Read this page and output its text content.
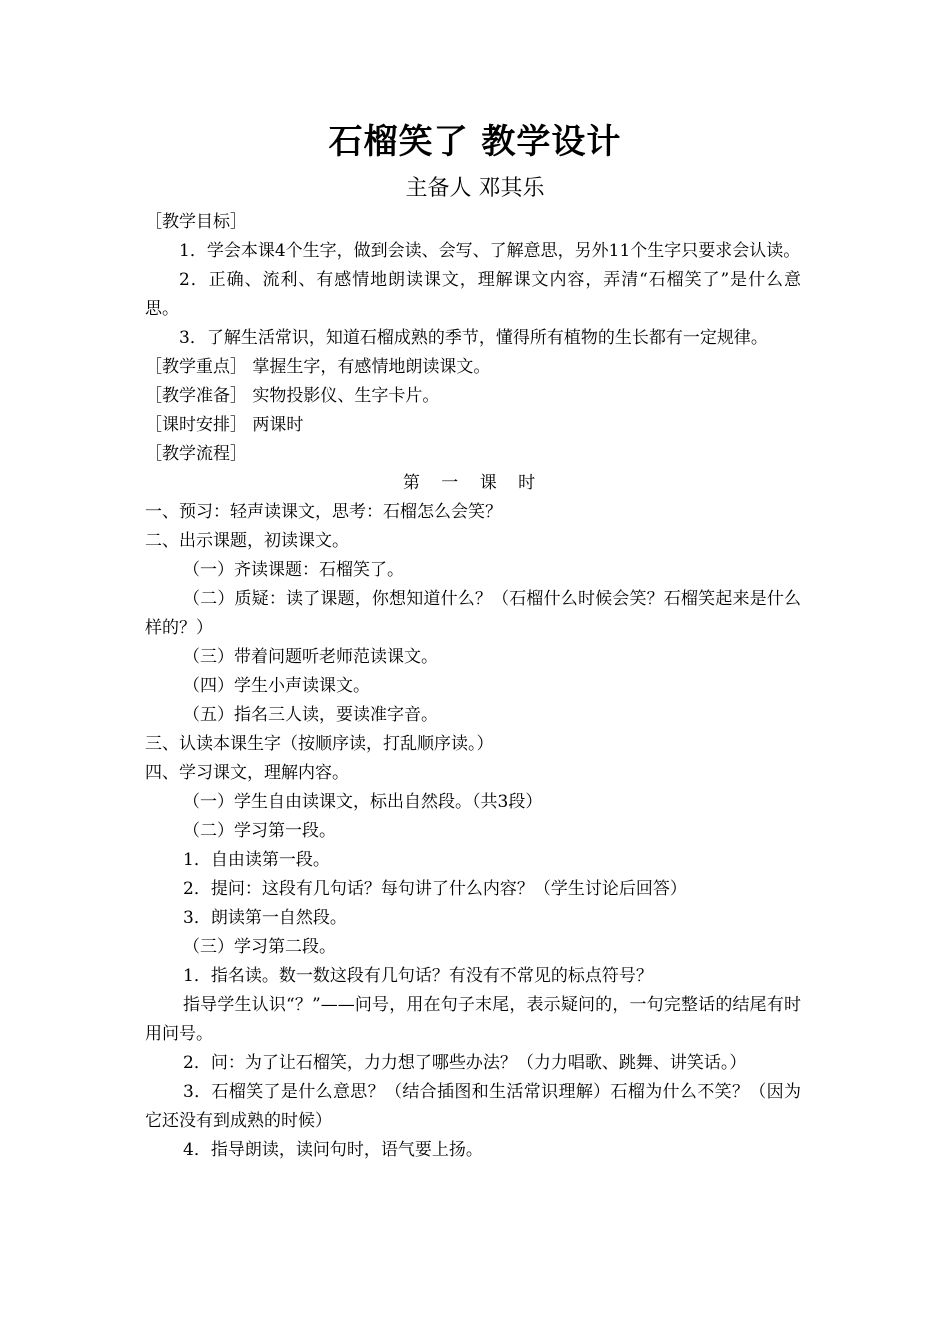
石榴笑了 教学设计
主备人 邓其乐

［教学目标］

1．学会本课4个生字，做到会读、会写、了解意思，另外11个生字只要求会认读。

2．正确、流利、有感情地朗读课文，理解课文内容，弄清“石榴笑了”是什么意思。

3．了解生活常识，知道石榴成熟的季节，懂得所有植物的生长都有一定规律。

［教学重点］ 掌握生字，有感情地朗读课文。

［教学准备］ 实物投影仪、生字卡片。

［课时安排］ 两课时

［教学流程］

第 一 课 时

一、预习：轻声读课文，思考：石榴怎么会笑？

二、出示课题，初读课文。

（一）齐读课题：石榴笑了。

（二）质疑：读了课题，你想知道什么？（石榴什么时候会笑？石榴笑起来是什么样的？）

（三）带着问题听老师范读课文。

（四）学生小声读课文。

（五）指名三人读，要读准字音。

三、认读本课生字（按顺序读，打乱顺序读。）

四、学习课文，理解内容。

（一）学生自由读课文，标出自然段。（共3段）

（二）学习第一段。

1．自由读第一段。

2．提问：这段有几句话？每句讲了什么内容？（学生讨论后回答）

3．朗读第一自然段。

（三）学习第二段。

1．指名读。数一数这段有几句话？有没有不常见的标点符号？

指导学生认识“？”——问号，用在句子末尾，表示疑问的，一句完整话的结尾有时用问号。

2．问：为了让石榴笑，力力想了哪些办法？（力力唱歌、跳舞、讲笑话。）

3．石榴笑了是什么意思？（结合插图和生活常识理解）石榴为什么不笑？（因为它还没有到成熟的时候）

4．指导朗读，读问句时，语气要上扬。
